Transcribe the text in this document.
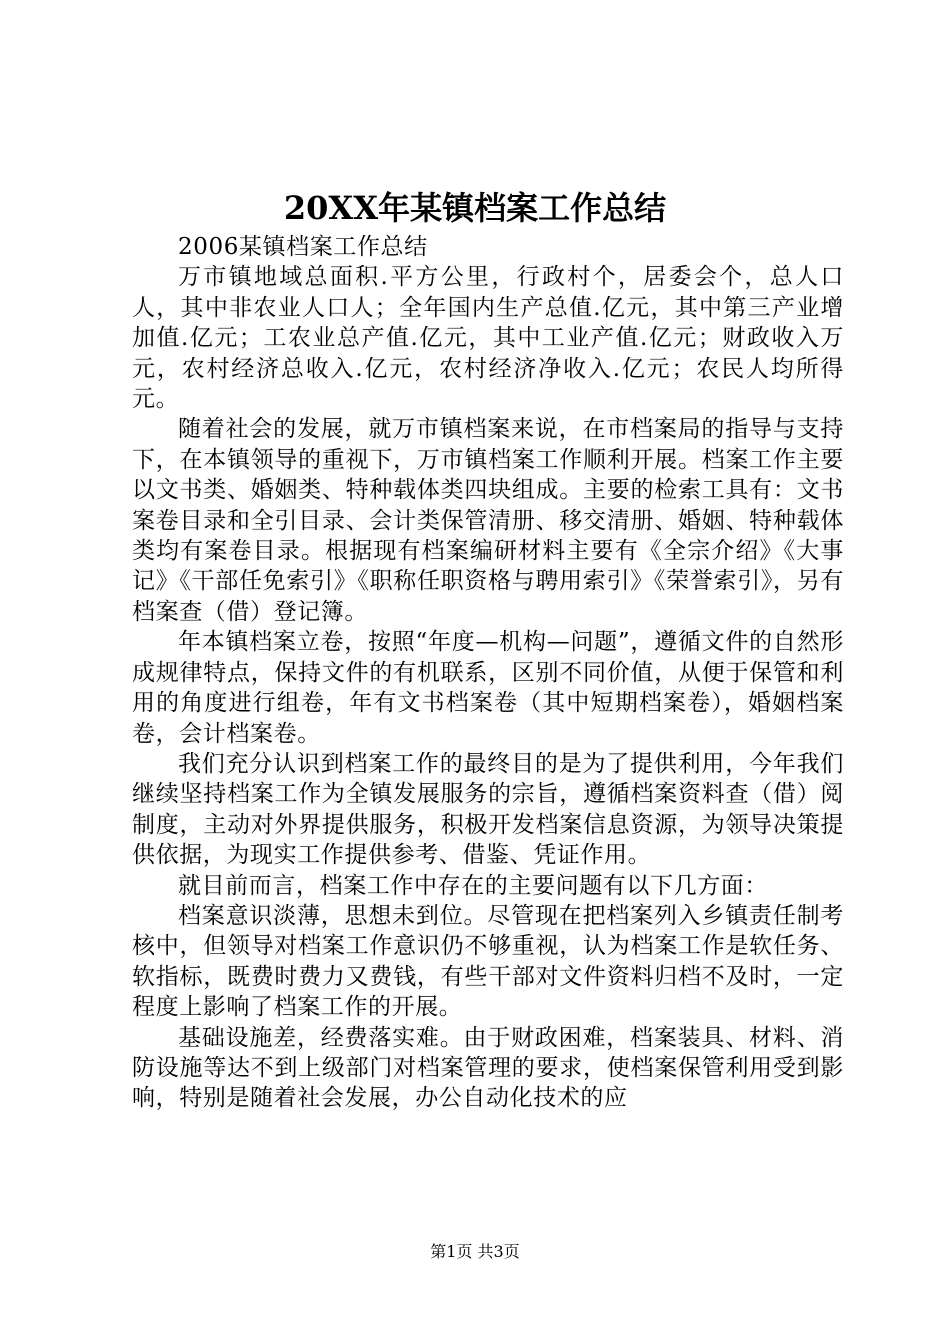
20XX年某镇档案工作总结

2006某镇档案工作总结

万市镇地域总面积.平方公里，行政村个，居委会个，总人口人，其中非农业人口人；全年国内生产总值.亿元，其中第三产业增加值.亿元；工农业总产值.亿元，其中工业产值.亿元；财政收入万元，农村经济总收入.亿元，农村经济净收入.亿元；农民人均所得元。

随着社会的发展，就万市镇档案来说，在市档案局的指导与支持下，在本镇领导的重视下，万市镇档案工作顺利开展。档案工作主要以文书类、婚姻类、特种载体类四块组成。主要的检索工具有：文书案卷目录和全引目录、会计类保管清册、移交清册、婚姻、特种载体类均有案卷目录。根据现有档案编研材料主要有《全宗介绍》《大事记》《干部任免索引》《职称任职资格与聘用索引》《荣誉索引》，另有档案查（借）登记簿。

年本镇档案立卷，按照“年度—机构—问题”，遵循文件的自然形成规律特点，保持文件的有机联系，区别不同价值，从便于保管和利用的角度进行组卷，年有文书档案卷（其中短期档案卷），婚姻档案卷，会计档案卷。

我们充分认识到档案工作的最终目的是为了提供利用，今年我们继续坚持档案工作为全镇发展服务的宗旨，遵循档案资料查（借）阅制度，主动对外界提供服务，积极开发档案信息资源，为领导决策提供依据，为现实工作提供参考、借鉴、凭证作用。

就目前而言，档案工作中存在的主要问题有以下几方面：

档案意识淡薄，思想未到位。尽管现在把档案列入乡镇责任制考核中，但领导对档案工作意识仍不够重视，认为档案工作是软任务、软指标，既费时费力又费钱，有些干部对文件资料归档不及时，一定程度上影响了档案工作的开展。

基础设施差，经费落实难。由于财政困难，档案装具、材料、消防设施等达不到上级部门对档案管理的要求，使档案保管利用受到影响，特别是随着社会发展，办公自动化技术的应

第1页 共3页
